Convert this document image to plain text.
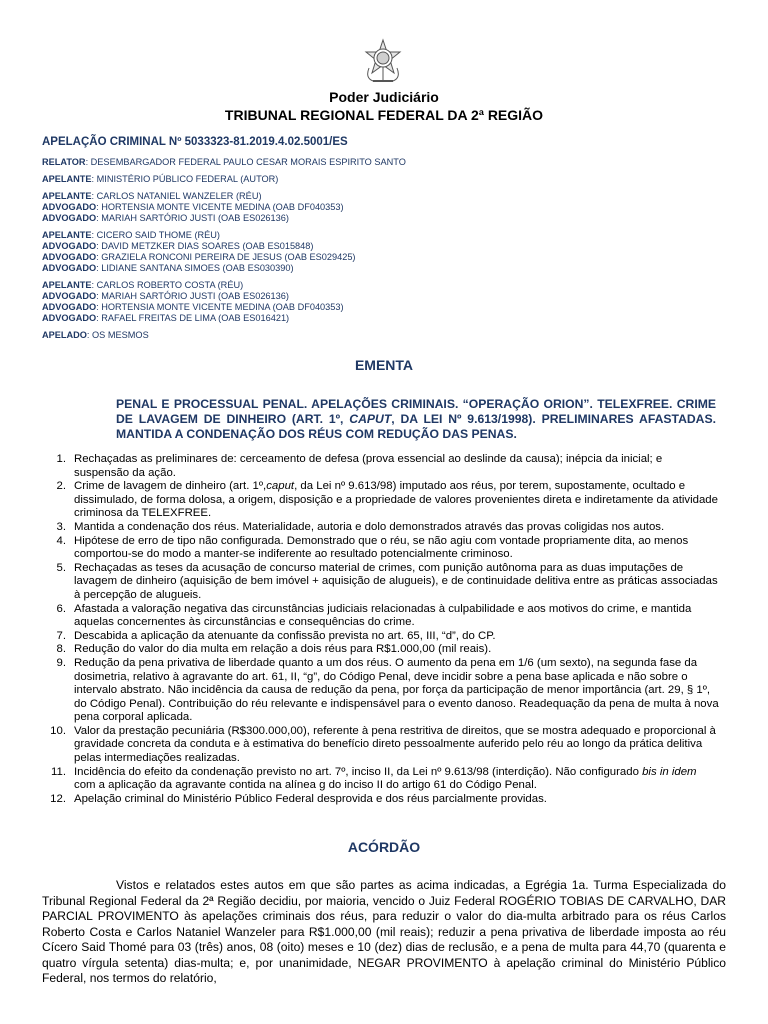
Poder Judiciário
TRIBUNAL REGIONAL FEDERAL DA 2ª REGIÃO
APELAÇÃO CRIMINAL Nº 5033323-81.2019.4.02.5001/ES
RELATOR: DESEMBARGADOR FEDERAL PAULO CESAR MORAIS ESPIRITO SANTO
APELANTE: MINISTÉRIO PÚBLICO FEDERAL (AUTOR)
APELANTE: CARLOS NATANIEL WANZELER (RÉU)
ADVOGADO: HORTENSIA MONTE VICENTE MEDINA (OAB DF040353)
ADVOGADO: MARIAH SARTÓRIO JUSTI (OAB ES026136)
APELANTE: CICERO SAID THOME (RÉU)
ADVOGADO: DAVID METZKER DIAS SOARES (OAB ES015848)
ADVOGADO: GRAZIELA RONCONI PEREIRA DE JESUS (OAB ES029425)
ADVOGADO: LIDIANE SANTANA SIMOES (OAB ES030390)
APELANTE: CARLOS ROBERTO COSTA (RÉU)
ADVOGADO: MARIAH SARTÓRIO JUSTI (OAB ES026136)
ADVOGADO: HORTENSIA MONTE VICENTE MEDINA (OAB DF040353)
ADVOGADO: RAFAEL FREITAS DE LIMA (OAB ES016421)
APELADO: OS MESMOS
EMENTA
PENAL E PROCESSUAL PENAL. APELAÇÕES CRIMINAIS. “OPERAÇÃO ORION”. TELEXFREE. CRIME DE LAVAGEM DE DINHEIRO (ART. 1º, CAPUT, DA LEI Nº 9.613/1998). PRELIMINARES AFASTADAS. MANTIDA A CONDENAÇÃO DOS RÉUS COM REDUÇÃO DAS PENAS.
1. Rechaçadas as preliminares de: cerceamento de defesa (prova essencial ao deslinde da causa); inépcia da inicial; e suspensão da ação.
2. Crime de lavagem de dinheiro (art. 1º,caput, da Lei nº 9.613/98) imputado aos réus, por terem, supostamente, ocultado e dissimulado, de forma dolosa, a origem, disposição e a propriedade de valores provenientes direta e indiretamente da atividade criminosa da TELEXFREE.
3. Mantida a condenação dos réus. Materialidade, autoria e dolo demonstrados através das provas coligidas nos autos.
4. Hipótese de erro de tipo não configurada. Demonstrado que o réu, se não agiu com vontade propriamente dita, ao menos comportou-se do modo a manter-se indiferente ao resultado potencialmente criminoso.
5. Rechaçadas as teses da acusação de concurso material de crimes, com punição autônoma para as duas imputações de lavagem de dinheiro (aquisição de bem imóvel + aquisição de alugueis), e de continuidade delitiva entre as práticas associadas à percepção de alugueis.
6. Afastada a valoração negativa das circunstâncias judiciais relacionadas à culpabilidade e aos motivos do crime, e mantida aquelas concernentes às circunstâncias e consequências do crime.
7. Descabida a aplicação da atenuante da confissão prevista no art. 65, III, “d”, do CP.
8. Redução do valor do dia multa em relação a dois réus para R$1.000,00 (mil reais).
9. Redução da pena privativa de liberdade quanto a um dos réus. O aumento da pena em 1/6 (um sexto), na segunda fase da dosimetria, relativo à agravante do art. 61, II, “g”, do Código Penal, deve incidir sobre a pena base aplicada e não sobre o intervalo abstrato. Não incidência da causa de redução da pena, por força da participação de menor importância (art. 29, § 1º, do Código Penal). Contribuição do réu relevante e indispensável para o evento danoso. Readequação da pena de multa à nova pena corporal aplicada.
10. Valor da prestação pecuniária (R$300.000,00), referente à pena restritiva de direitos, que se mostra adequado e proporcional à gravidade concreta da conduta e à estimativa do benefício direto pessoalmente auferido pelo réu ao longo da prática delitiva pelas intermediações realizadas.
11. Incidência do efeito da condenação previsto no art. 7º, inciso II, da Lei nº 9.613/98 (interdição). Não configurado bis in idem com a aplicação da agravante contida na alínea g do inciso II do artigo 61 do Código Penal.
12. Apelação criminal do Ministério Público Federal desprovida e dos réus parcialmente providas.
ACÓRDÃO
Vistos e relatados estes autos em que são partes as acima indicadas, a Egrégia 1a. Turma Especializada do Tribunal Regional Federal da 2ª Região decidiu, por maioria, vencido o Juiz Federal ROGÉRIO TOBIAS DE CARVALHO, DAR PARCIAL PROVIMENTO às apelações criminais dos réus, para reduzir o valor do dia-multa arbitrado para os réus Carlos Roberto Costa e Carlos Nataniel Wanzeler para R$1.000,00 (mil reais); reduzir a pena privativa de liberdade imposta ao réu Cícero Said Thomé para 03 (três) anos, 08 (oito) meses e 10 (dez) dias de reclusão, e a pena de multa para 44,70 (quarenta e quatro vírgula setenta) dias-multa; e, por unanimidade, NEGAR PROVIMENTO à apelação criminal do Ministério Público Federal, nos termos do relatório,
